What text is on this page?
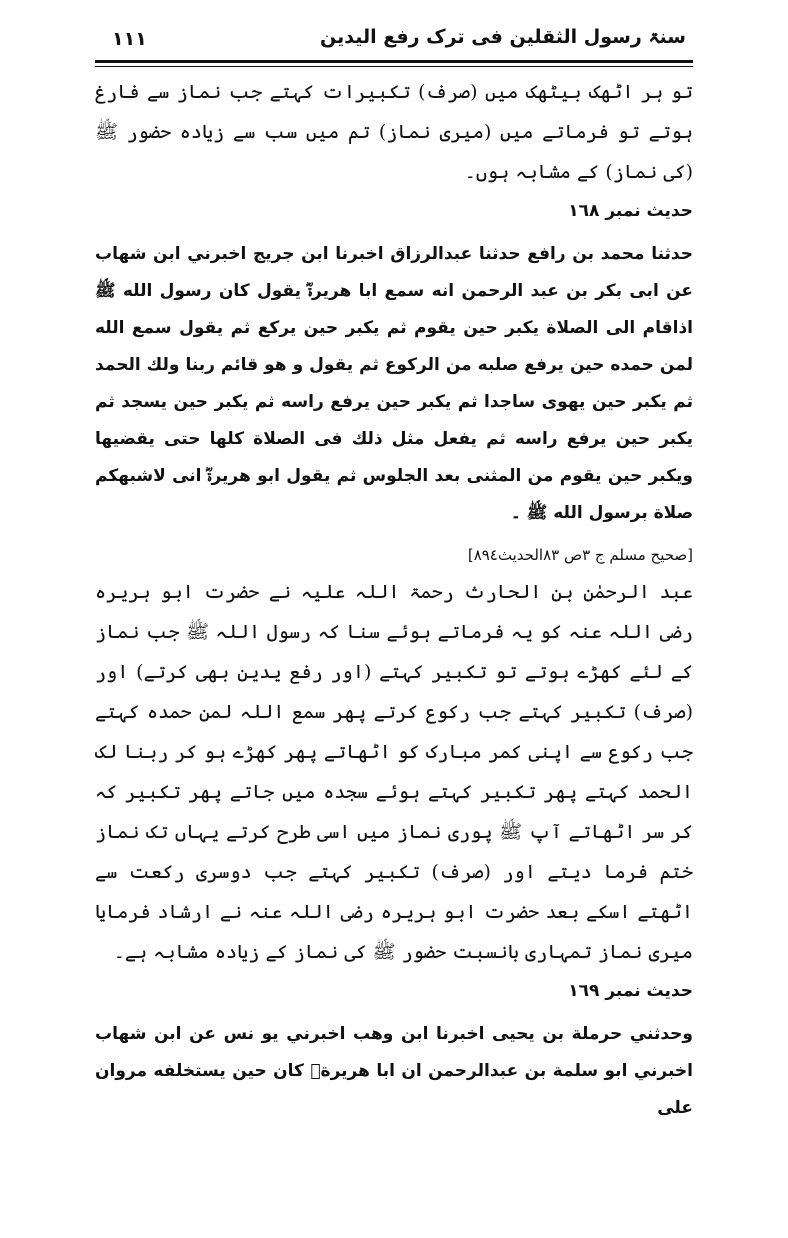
١١١	سنۃ رسول الثقلین فی ترک رفع الیدین

تو ہر اٹھک بیٹھک میں (صرف) تکبیرات کہتے جب نماز سے فارغ ہوتے تو فرماتے میں (میری نماز) تم میں سب سے زیادہ حضور ﷺ (کی نماز) کے مشابہ ہوں۔

حدیث نمبر ١٦٨

حدثنا محمد بن رافع حدثنا عبدالرزاق اخبرنا ابن جريج اخبرني ابن شهاب عن ابى بكر بن عبد الرحمن انه سمع ابا هريرةؓ يقول كان رسول الله ﷺ اذاقام الى الصلاة يكبر حين يقوم ثم يكبر حين يركع ثم يقول سمع الله لمن حمده حين يرفع صلبه من الركوع ثم يقول و هو قائم ربنا ولك الحمد ثم يكبر حين يهوى ساجدا ثم يكبر حين يرفع راسه ثم يكبر حين يسجد ثم يكبر حين يرفع راسه ثم يفعل مثل ذلك فى الصلاة كلها حتى يقضيها ويكبر حين يقوم من المثنى بعد الجلوس ثم يقول ابو هريرةؓ انى لاشبهكم صلاة برسول الله ﷺ ۔

[صحيح مسلم ج ٣ص ٨٣الحديث٨٩٤]

عبد الرحمٰن بن الحارث رحمۃ اللہ علیہ نے حضرت ابو ہریرہ رضی اللہ عنہ کو یہ فرماتے ہوئے سنا کہ رسول اللہ ﷺ جب نماز کے لئے کھڑے ہوتے تو تکبیر کہتے (اور رفع یدین بھی کرتے) اور (صرف) تکبیر کہتے جب رکوع کرتے پھر سمع اللہ لمن حمدہ کہتے جب رکوع سے اپنی کمر مبارک کو اٹھاتے پھر کھڑے ہو کر ربنا لک الحمد کہتے پھر تکبیر کہتے ہوئے سجدہ میں جاتے پھر تکبیر کہ کر سر اٹھاتے آپ ﷺ پوری نماز میں اسی طرح کرتے یہاں تک نماز ختم فرما دیتے اور (صرف) تکبیر کہتے جب دوسری رکعت سے اٹھتے اسکے بعد حضرت ابو ہریرہ رضی اللہ عنہ نے ارشاد فرمایا میری نماز تمہاری بانسبت حضور ﷺ کی نماز کے زیادہ مشابہ ہے۔

حدیث نمبر ١٦٩

وحدثني حرملة بن يحيى اخبرنا ابن وهب اخبرني يو نس عن ابن شهاب اخبرني ابو سلمة بن عبدالرحمن ان ابا هريرةؓ كان حين يستخلفه مروان على
